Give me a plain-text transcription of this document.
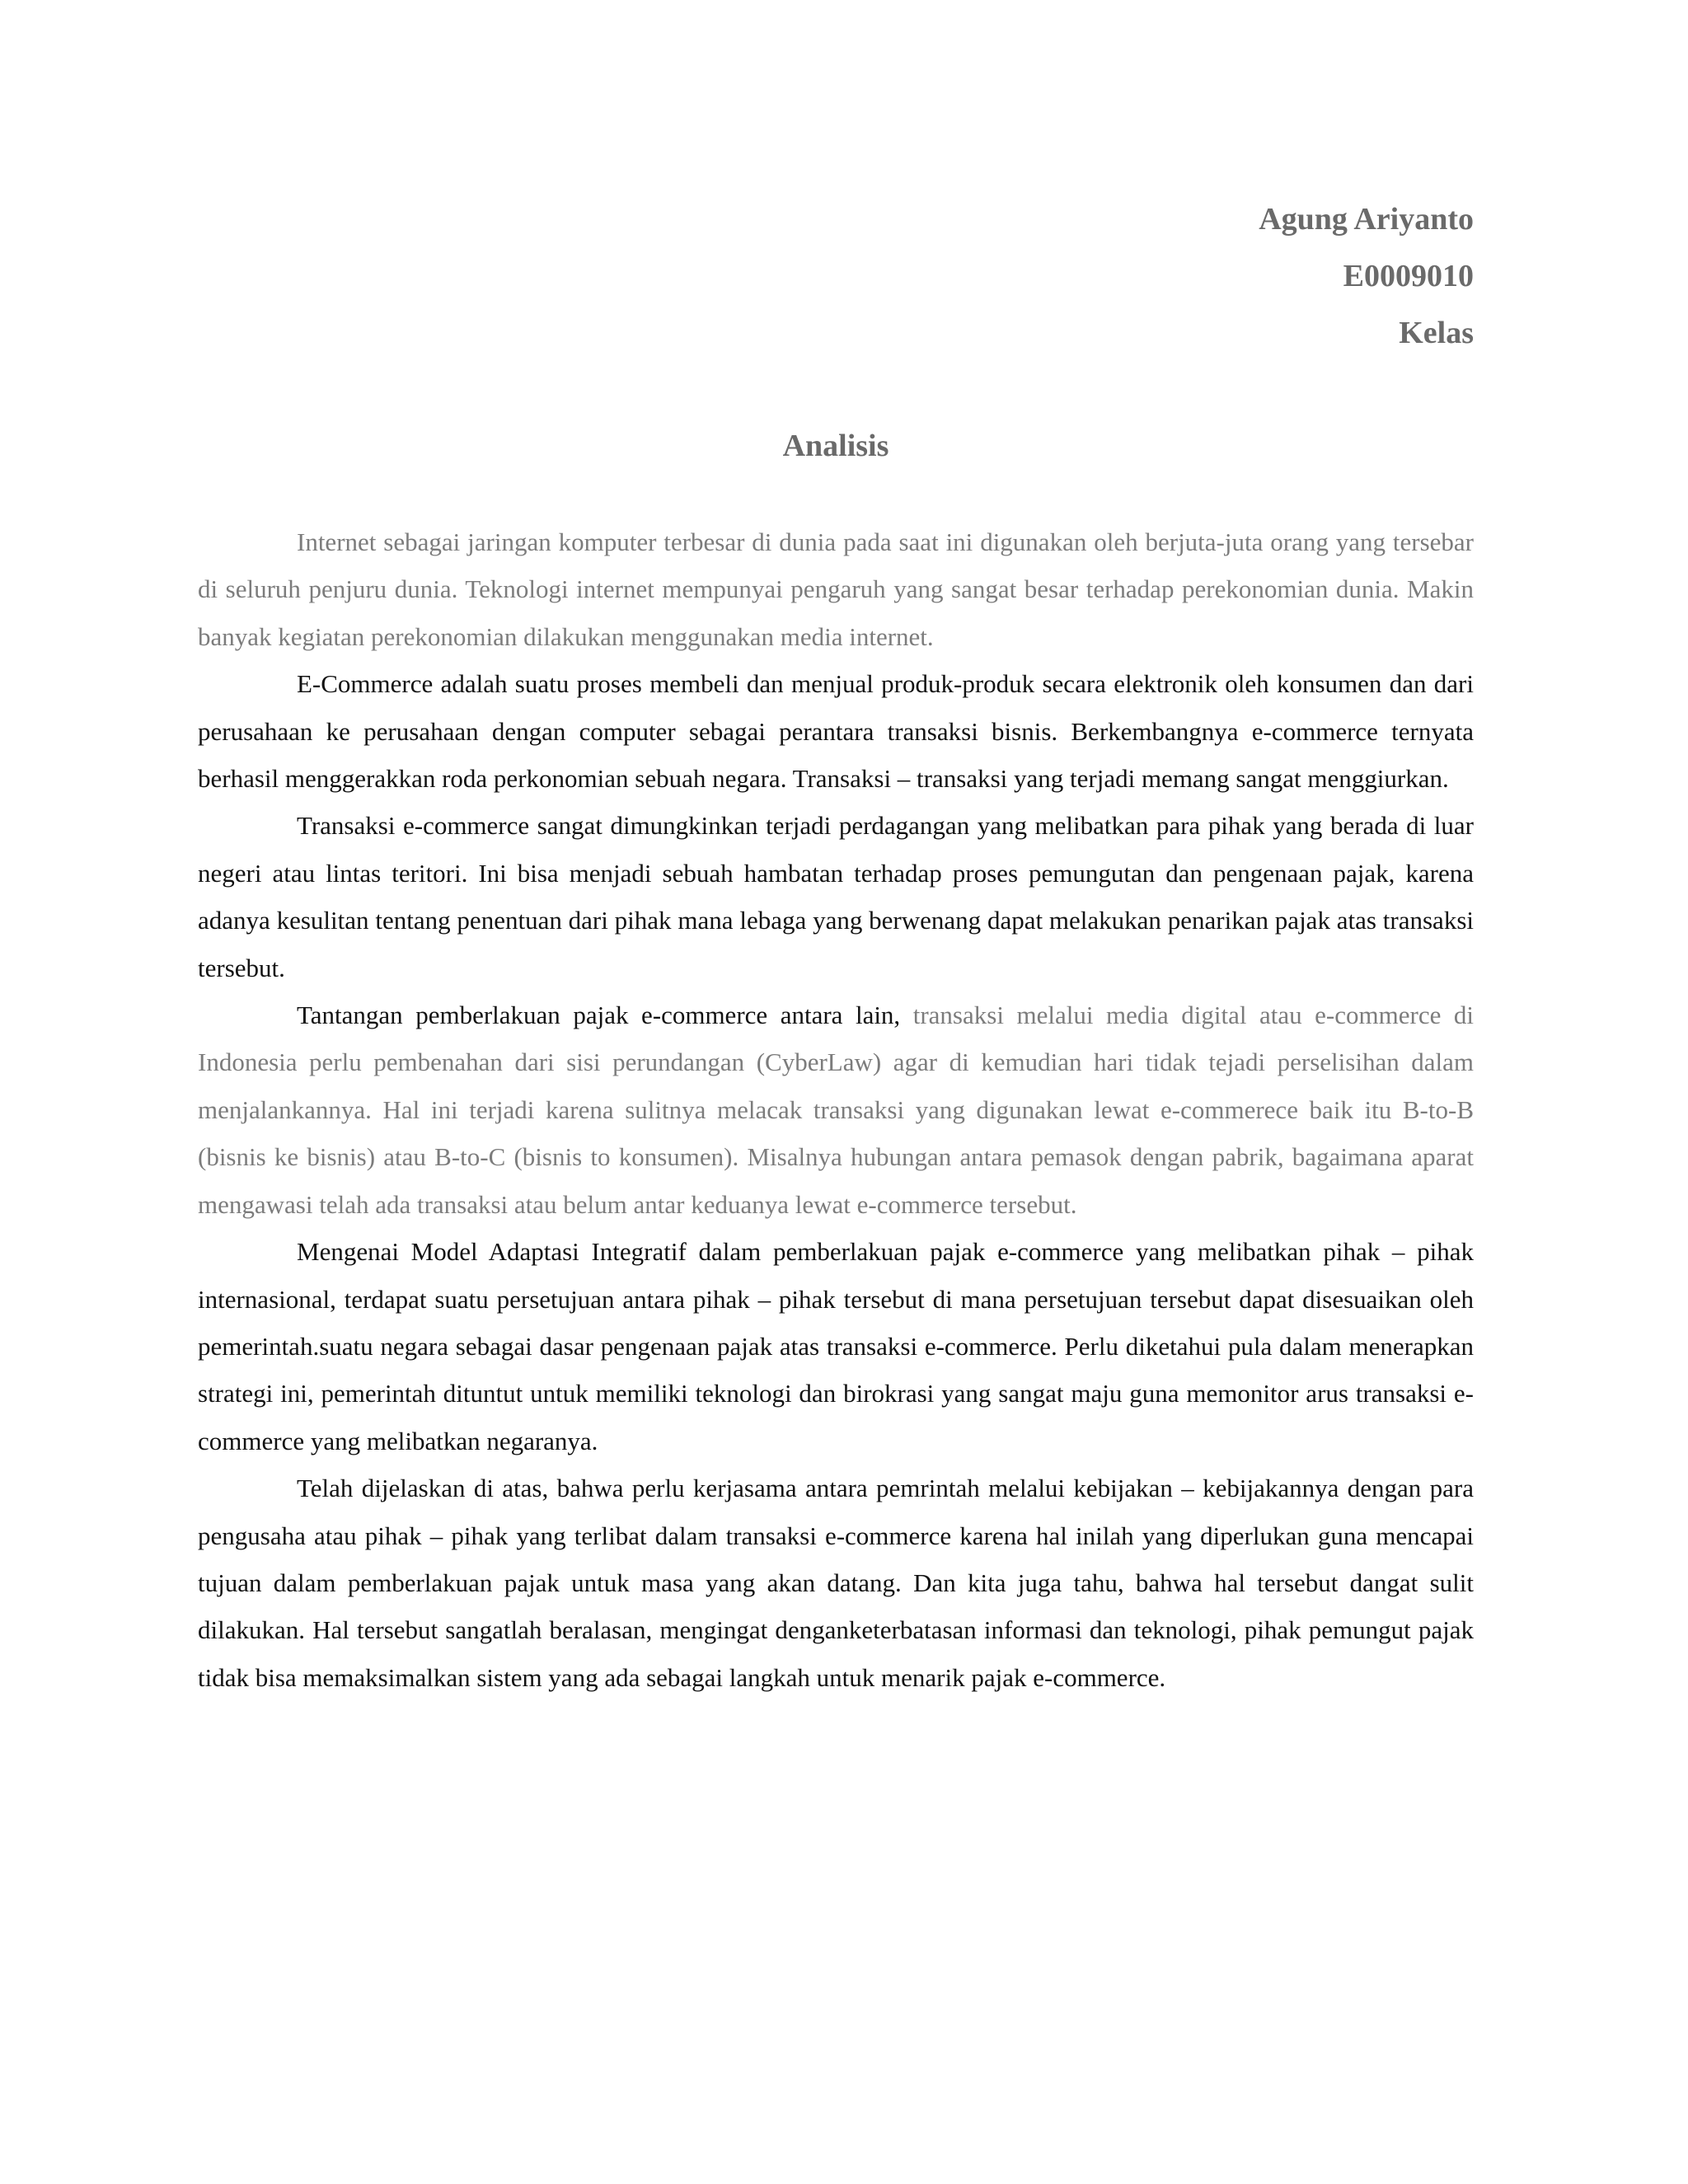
Agung Ariyanto
E0009010
Kelas
Analisis

Internet sebagai jaringan komputer terbesar di dunia pada saat ini digunakan oleh berjuta-juta orang yang tersebar di seluruh penjuru dunia. Teknologi internet mempunyai pengaruh yang sangat besar terhadap perekonomian dunia. Makin banyak kegiatan perekonomian dilakukan menggunakan media internet.

E-Commerce adalah suatu proses membeli dan menjual produk-produk secara elektronik oleh konsumen dan dari perusahaan ke perusahaan dengan computer sebagai perantara transaksi bisnis. Berkembangnya e-commerce ternyata berhasil menggerakkan roda perkonomian sebuah negara. Transaksi – transaksi yang terjadi memang sangat menggiurkan.

Transaksi e-commerce sangat dimungkinkan terjadi perdagangan yang melibatkan para pihak yang berada di luar negeri atau lintas teritori. Ini bisa menjadi sebuah hambatan terhadap proses pemungutan dan pengenaan pajak, karena adanya kesulitan tentang penentuan dari pihak mana lebaga yang berwenang dapat melakukan penarikan pajak atas transaksi tersebut.

Tantangan pemberlakuan pajak e-commerce antara lain, transaksi melalui media digital atau e-commerce di Indonesia perlu pembenahan dari sisi perundangan (CyberLaw) agar di kemudian hari tidak tejadi perselisihan dalam menjalankannya. Hal ini terjadi karena sulitnya melacak transaksi yang digunakan lewat e-commerece baik itu B-to-B (bisnis ke bisnis) atau B-to-C (bisnis to konsumen). Misalnya hubungan antara pemasok dengan pabrik, bagaimana aparat mengawasi telah ada transaksi atau belum antar keduanya lewat e-commerce tersebut.

Mengenai Model Adaptasi Integratif dalam pemberlakuan pajak e-commerce yang melibatkan pihak – pihak internasional, terdapat suatu persetujuan antara pihak – pihak tersebut di mana persetujuan tersebut dapat disesuaikan oleh pemerintah.suatu negara sebagai dasar pengenaan pajak atas transaksi e-commerce. Perlu diketahui pula dalam menerapkan strategi ini, pemerintah dituntut untuk memiliki teknologi dan birokrasi yang sangat maju guna memonitor arus transaksi e-commerce yang melibatkan negaranya.

Telah dijelaskan di atas, bahwa perlu kerjasama antara pemrintah melalui kebijakan – kebijakannya dengan para pengusaha atau pihak – pihak yang terlibat dalam transaksi e-commerce karena hal inilah yang diperlukan guna mencapai tujuan dalam pemberlakuan pajak untuk masa yang akan datang. Dan kita juga tahu, bahwa hal tersebut dangat sulit dilakukan. Hal tersebut sangatlah beralasan, mengingat denganketerbatasan informasi dan teknologi, pihak pemungut pajak tidak bisa memaksimalkan sistem yang ada sebagai langkah untuk menarik pajak e-commerce.
